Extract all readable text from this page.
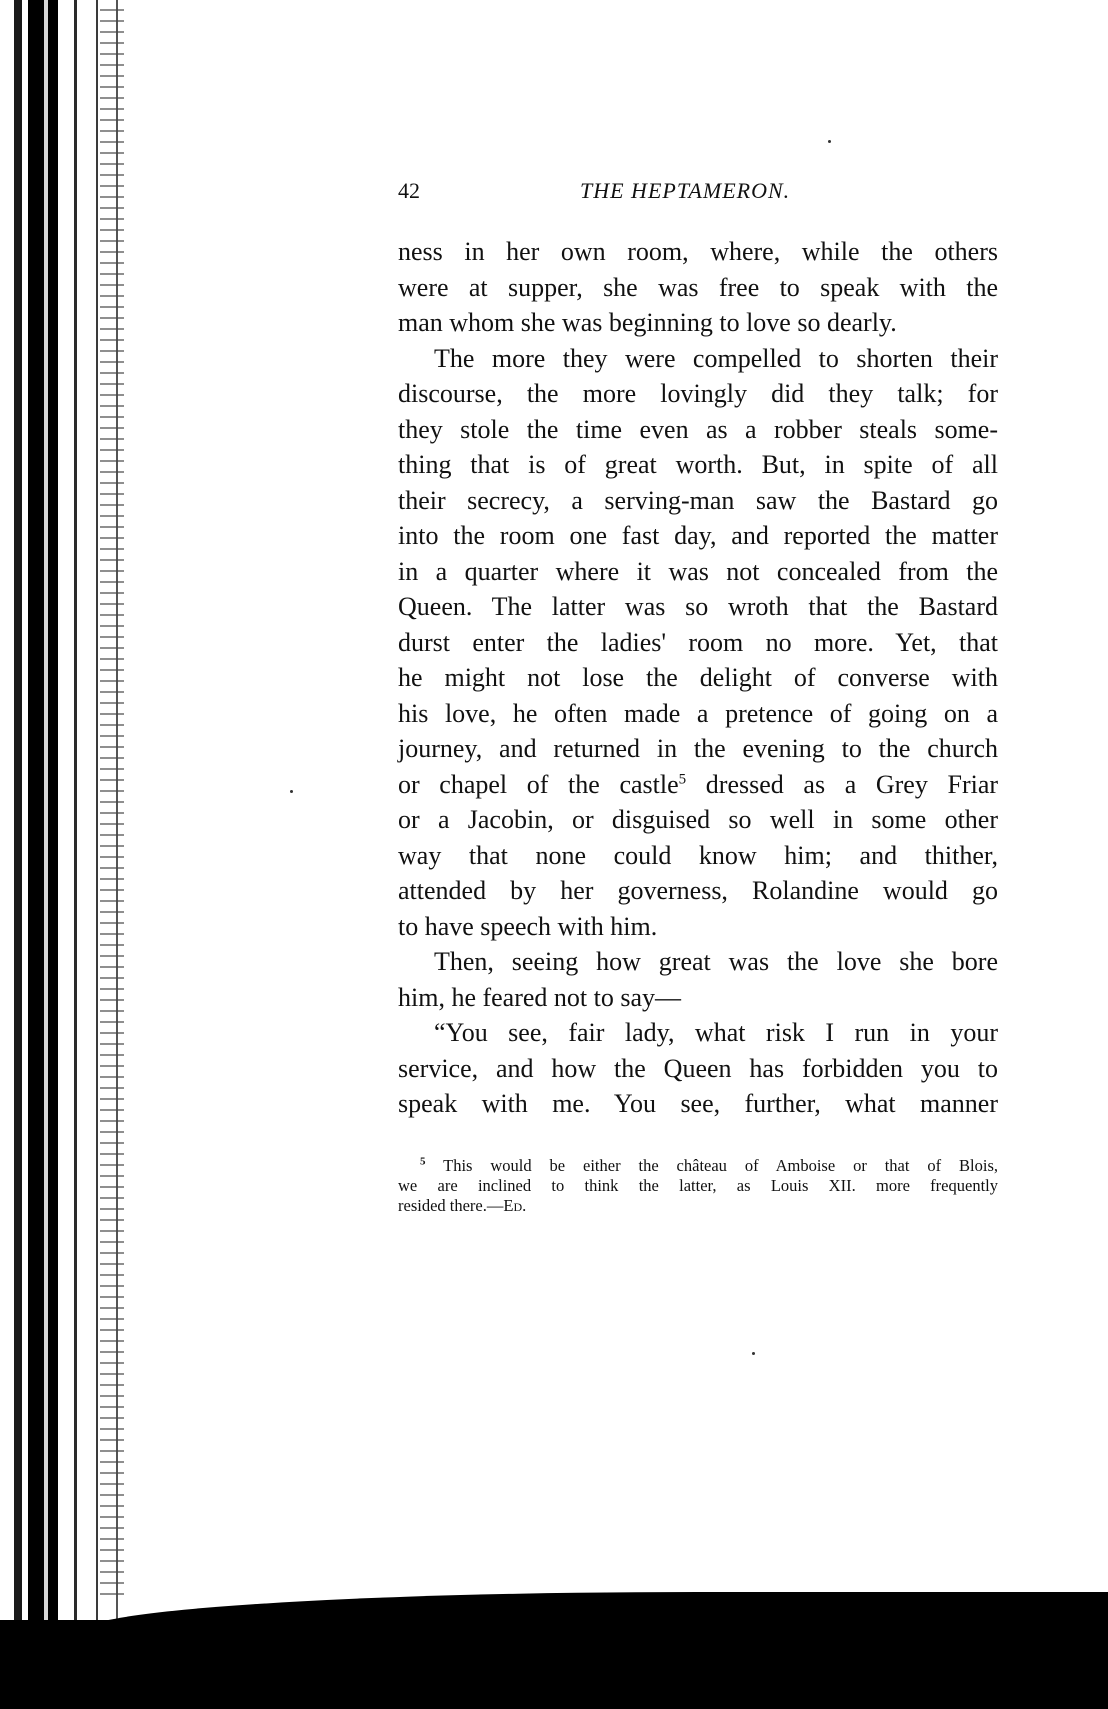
42	THE HEPTAMERON.
ness in her own room, where, while the others
were at supper, she was free to speak with the
man whom she was beginning to love so dearly.
The more they were compelled to shorten their
discourse, the more lovingly did they talk; for
they stole the time even as a robber steals some-
thing that is of great worth. But, in spite of all
their secrecy, a serving-man saw the Bastard go
into the room one fast day, and reported the matter
in a quarter where it was not concealed from the
Queen. The latter was so wroth that the Bastard
durst enter the ladies' room no more. Yet, that
he might not lose the delight of converse with
his love, he often made a pretence of going on a
journey, and returned in the evening to the church
or chapel of the castle$^5$ dressed as a Grey Friar
or a Jacobin, or disguised so well in some other
way that none could know him; and thither,
attended by her governess, Rolandine would go
to have speech with him.
Then, seeing how great was the love she bore
him, he feared not to say—
“You see, fair lady, what risk I run in your
service, and how the Queen has forbidden you to
speak with me. You see, further, what manner
$^5$ This would be either the château of Amboise or that of Blois,
we are inclined to think the latter, as Louis XII. more frequently
resided there.—Ed.
